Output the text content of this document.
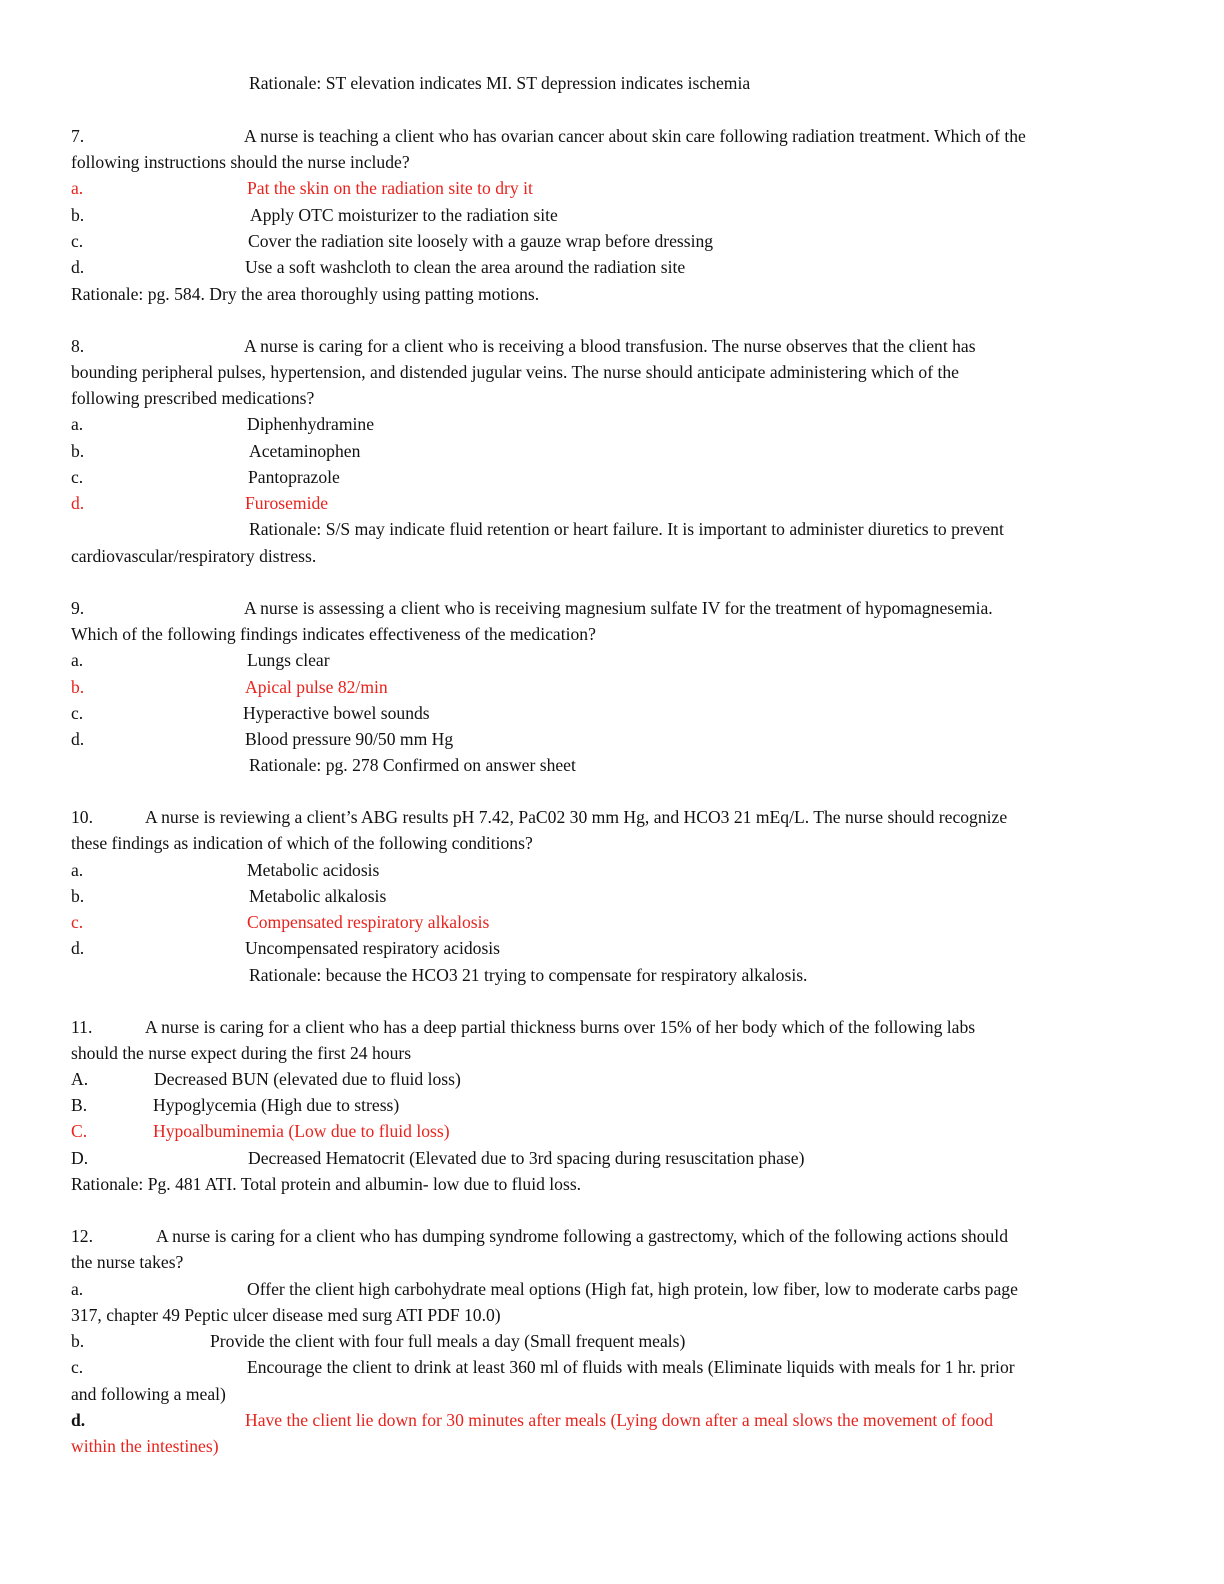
Rationale: ST elevation indicates MI. ST depression indicates ischemia
7.	A nurse is teaching a client who has ovarian cancer about skin care following radiation treatment. Which of the
following instructions should the nurse include?
a.	Pat the skin on the radiation site to dry it
b.	Apply OTC moisturizer to the radiation site
c.	Cover the radiation site loosely with a gauze wrap before dressing
d.	Use a soft washcloth to clean the area around the radiation site
Rationale: pg. 584. Dry the area thoroughly using patting motions.
8.	A nurse is caring for a client who is receiving a blood transfusion. The nurse observes that the client has
bounding peripheral pulses, hypertension, and distended jugular veins. The nurse should anticipate administering which of the
following prescribed medications?
a.	Diphenhydramine
b.	Acetaminophen
c.	Pantoprazole
d.	Furosemide
Rationale: S/S may indicate fluid retention or heart failure. It is important to administer diuretics to prevent
cardiovascular/respiratory distress.
9.	A nurse is assessing a client who is receiving magnesium sulfate IV for the treatment of hypomagnesemia.
Which of the following findings indicates effectiveness of the medication?
a.	Lungs clear
b.	Apical pulse 82/min
c.	Hyperactive bowel sounds
d.	Blood pressure 90/50 mm Hg
Rationale: pg. 278 Confirmed on answer sheet
10.	A nurse is reviewing a client’s ABG results pH 7.42, PaC02 30 mm Hg, and HCO3 21 mEq/L. The nurse should recognize
these findings as indication of which of the following conditions?
a.	Metabolic acidosis
b.	Metabolic alkalosis
c.	Compensated respiratory alkalosis
d.	Uncompensated respiratory acidosis
Rationale: because the HCO3 21 trying to compensate for respiratory alkalosis.
11.	A nurse is caring for a client who has a deep partial thickness burns over 15% of her body which of the following labs
should the nurse expect during the first 24 hours
A.	Decreased BUN (elevated due to fluid loss)
B.	Hypoglycemia (High due to stress)
C.	Hypoalbuminemia (Low due to fluid loss)
D.	Decreased Hematocrit (Elevated due to 3rd spacing during resuscitation phase)
Rationale: Pg. 481 ATI. Total protein and albumin- low due to fluid loss.
12.	A nurse is caring for a client who has dumping syndrome following a gastrectomy, which of the following actions should
the nurse takes?
a.	Offer the client high carbohydrate meal options (High fat, high protein, low fiber, low to moderate carbs page
317, chapter 49 Peptic ulcer disease med surg ATI PDF 10.0)
b.	Provide the client with four full meals a day (Small frequent meals)
c.	Encourage the client to drink at least 360 ml of fluids with meals (Eliminate liquids with meals for 1 hr. prior
and following a meal)
d.	Have the client lie down for 30 minutes after meals (Lying down after a meal slows the movement of food
within the intestines)
